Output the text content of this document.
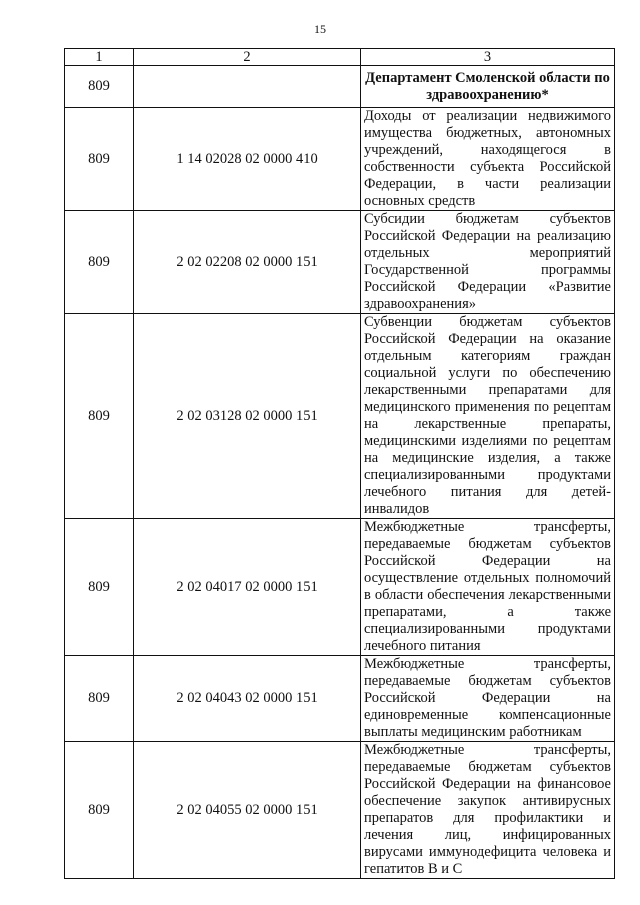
15
1	2	3
809		Департамент Смоленской области по здравоохранению*
809	1 14 02028 02 0000 410	Доходы от реализации недвижимого имущества бюджетных, автономных учреждений, находящегося в собственности субъекта Российской Федерации, в части реализации основных средств
809	2 02 02208 02 0000 151	Субсидии бюджетам субъектов Российской Федерации на реализацию отдельных мероприятий Государственной программы Российской Федерации «Развитие здравоохранения»
809	2 02 03128 02 0000 151	Субвенции бюджетам субъектов Российской Федерации на оказание отдельным категориям граждан социальной услуги по обеспечению лекарственными препаратами для медицинского применения по рецептам на лекарственные препараты, медицинскими изделиями по рецептам на медицинские изделия, а также специализированными продуктами лечебного питания для детей-инвалидов
809	2 02 04017 02 0000 151	Межбюджетные трансферты, передаваемые бюджетам субъектов Российской Федерации на осуществление отдельных полномочий в области обеспечения лекарственными препаратами, а также специализированными продуктами лечебного питания
809	2 02 04043 02 0000 151	Межбюджетные трансферты, передаваемые бюджетам субъектов Российской Федерации на единовременные компенсационные выплаты медицинским работникам
809	2 02 04055 02 0000 151	Межбюджетные трансферты, передаваемые бюджетам субъектов Российской Федерации на финансовое обеспечение закупок антивирусных препаратов для профилактики и лечения лиц, инфицированных вирусами иммунодефицита человека и гепатитов В и С
